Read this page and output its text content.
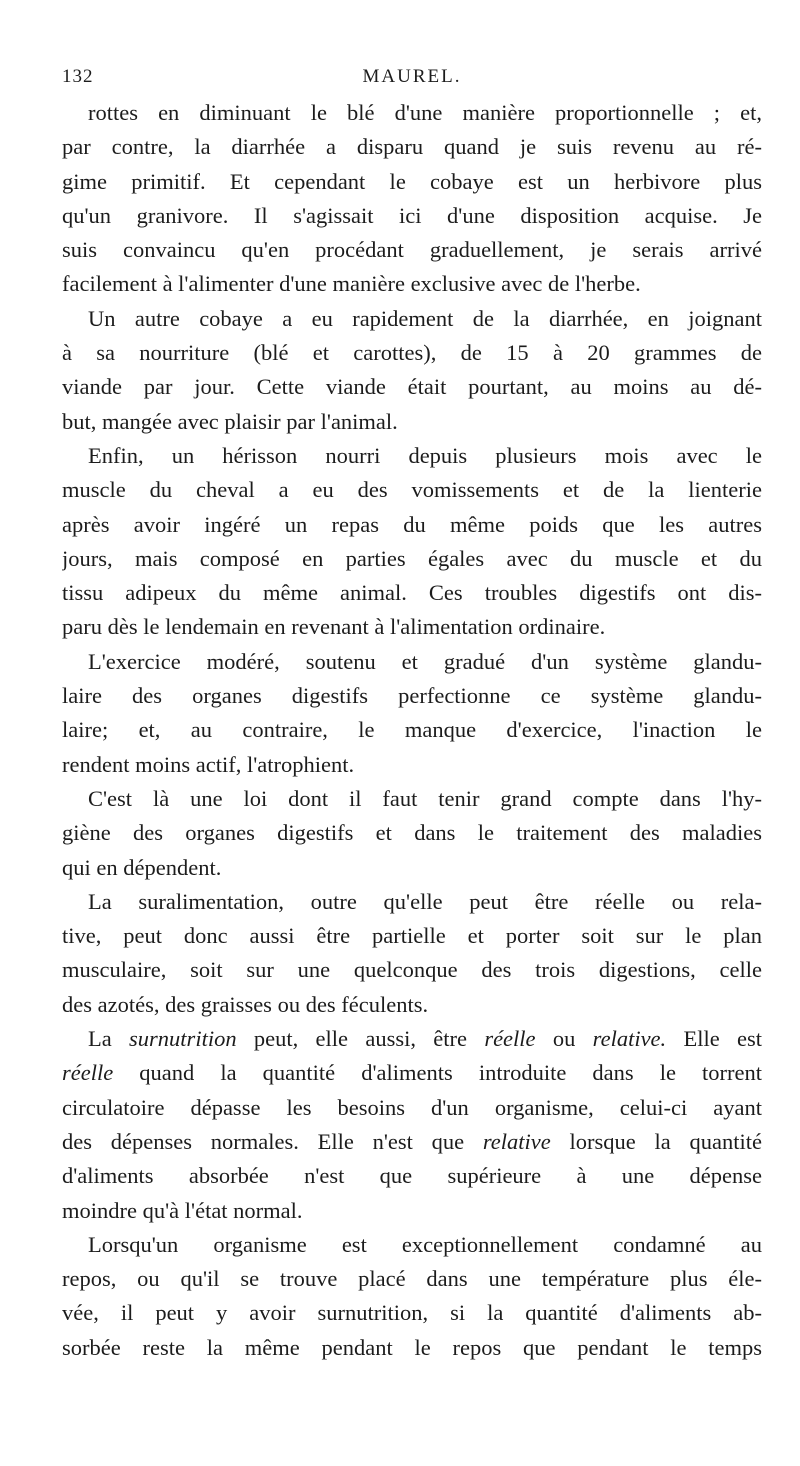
132	MAUREL.
rottes en diminuant le blé d'une manière proportionnelle ; et,
par contre, la diarrhée a disparu quand je suis revenu au ré-
gime primitif. Et cependant le cobaye est un herbivore plus
qu'un granivore. Il s'agissait ici d'une disposition acquise. Je
suis convaincu qu'en procédant graduellement, je serais arrivé
facilement à l'alimenter d'une manière exclusive avec de l'herbe.
Un autre cobaye a eu rapidement de la diarrhée, en joignant
à sa nourriture (blé et carottes), de 15 à 20 grammes de
viande par jour. Cette viande était pourtant, au moins au dé-
but, mangée avec plaisir par l'animal.
Enfin, un hérisson nourri depuis plusieurs mois avec le
muscle du cheval a eu des vomissements et de la lienterie
après avoir ingéré un repas du même poids que les autres
jours, mais composé en parties égales avec du muscle et du
tissu adipeux du même animal. Ces troubles digestifs ont dis-
paru dès le lendemain en revenant à l'alimentation ordinaire.
L'exercice modéré, soutenu et gradué d'un système glandu-
laire des organes digestifs perfectionne ce système glandu-
laire; et, au contraire, le manque d'exercice, l'inaction le
rendent moins actif, l'atrophient.
C'est là une loi dont il faut tenir grand compte dans l'hy-
giène des organes digestifs et dans le traitement des maladies
qui en dépendent.
La suralimentation, outre qu'elle peut être réelle ou rela-
tive, peut donc aussi être partielle et porter soit sur le plan
musculaire, soit sur une quelconque des trois digestions, celle
des azotés, des graisses ou des féculents.
La surnutrition peut, elle aussi, être réelle ou relative. Elle est
réelle quand la quantité d'aliments introduite dans le torrent
circulatoire dépasse les besoins d'un organisme, celui-ci ayant
des dépenses normales. Elle n'est que relative lorsque la quantité
d'aliments absorbée n'est que supérieure à une dépense
moindre qu'à l'état normal.
Lorsqu'un organisme est exceptionnellement condamné au
repos, ou qu'il se trouve placé dans une température plus éle-
vée, il peut y avoir surnutrition, si la quantité d'aliments ab-
sorbée reste la même pendant le repos que pendant le temps
